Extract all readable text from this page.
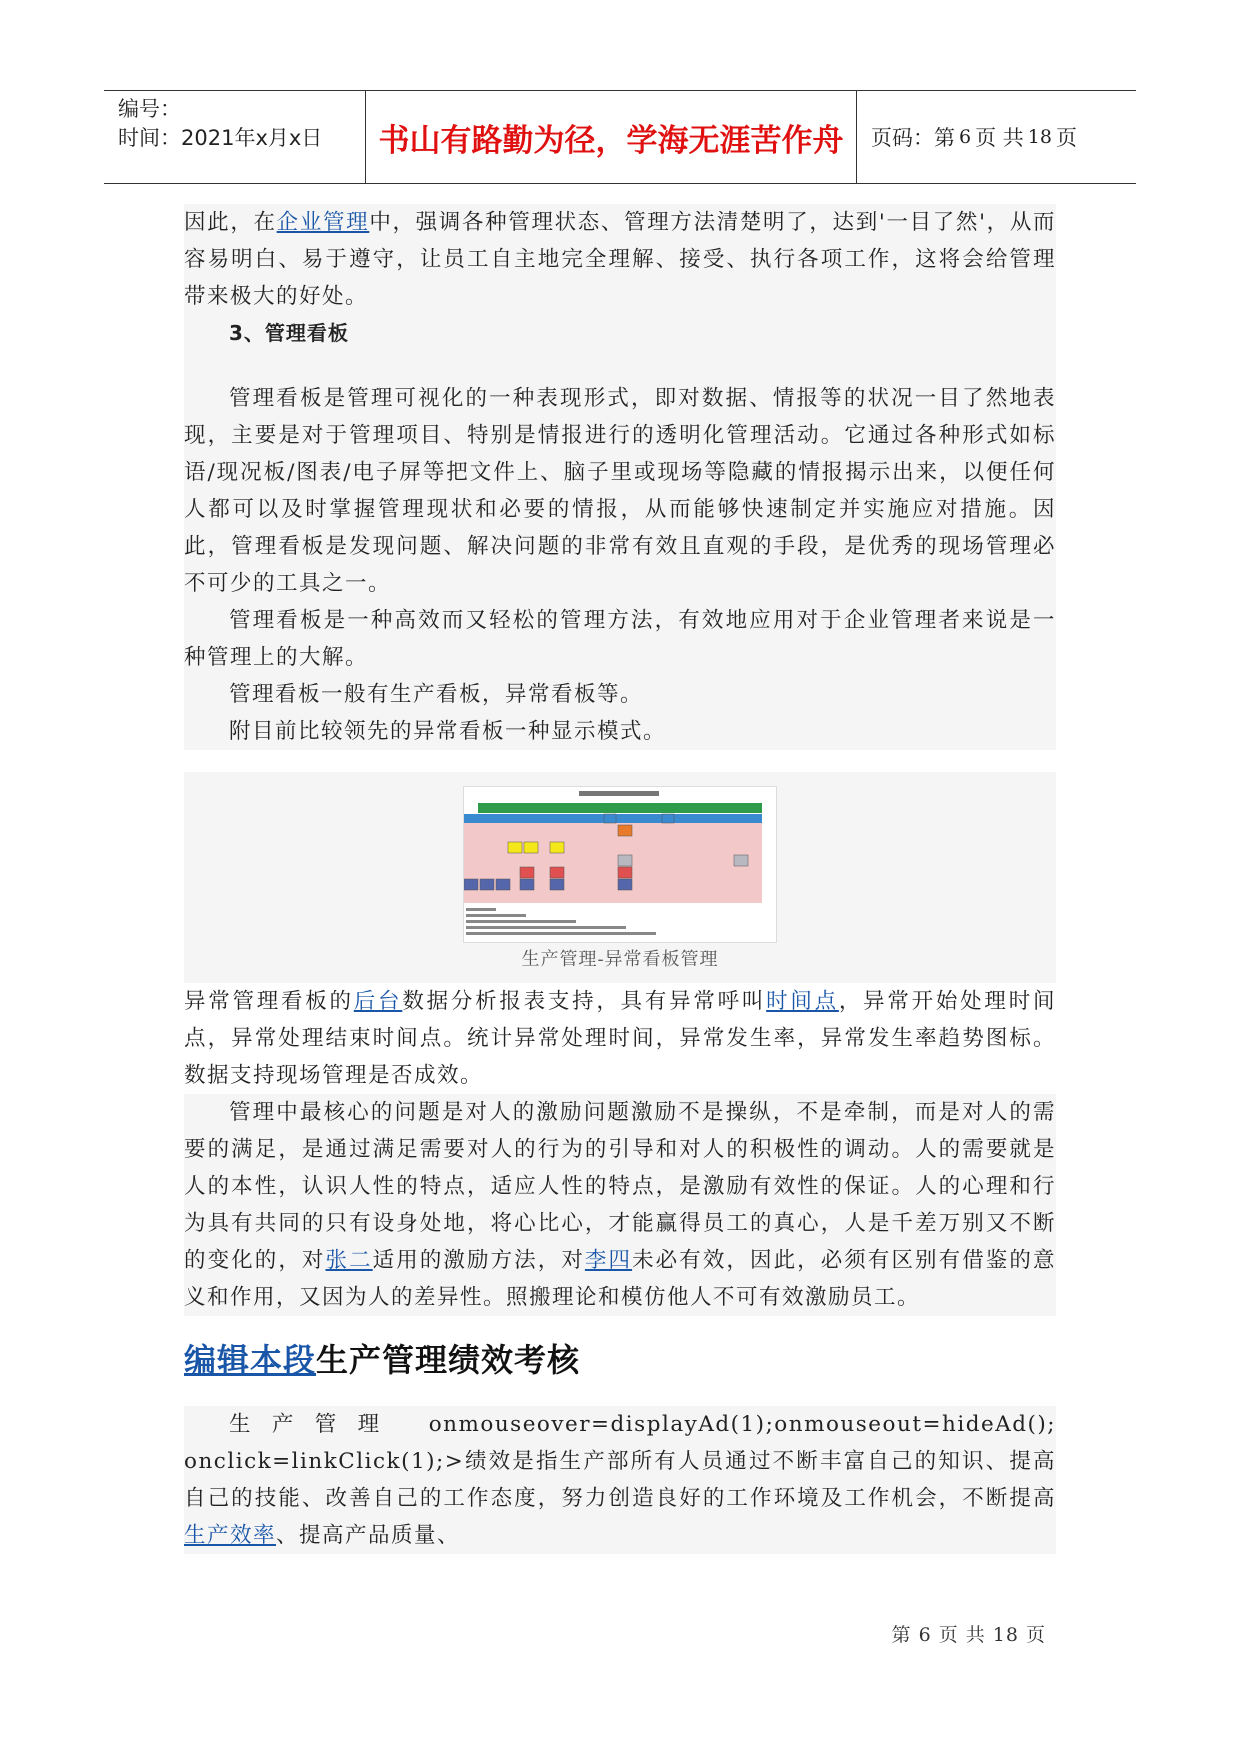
编号：
时间：2021年x月x日	书山有路勤为径，学海无涯苦作舟	页码：第 6 页 共 18 页

因此，在企业管理中，强调各种管理状态、管理方法清楚明了，达到'一目了然'，从而容易明白、易于遵守，让员工自主地完全理解、接受、执行各项工作，这将会给管理带来极大的好处。

3、管理看板

管理看板是管理可视化的一种表现形式，即对数据、情报等的状况一目了然地表现，主要是对于管理项目、特别是情报进行的透明化管理活动。它通过各种形式如标语/现况板/图表/电子屏等把文件上、脑子里或现场等隐藏的情报揭示出来，以便任何人都可以及时掌握管理现状和必要的情报，从而能够快速制定并实施应对措施。因此，管理看板是发现问题、解决问题的非常有效且直观的手段，是优秀的现场管理必不可少的工具之一。

管理看板是一种高效而又轻松的管理方法，有效地应用对于企业管理者来说是一种管理上的大解。

管理看板一般有生产看板，异常看板等。

附目前比较领先的异常看板一种显示模式。

生产管理-异常看板管理

异常管理看板的后台数据分析报表支持，具有异常呼叫时间点，异常开始处理时间点，异常处理结束时间点。统计异常处理时间，异常发生率，异常发生率趋势图标。数据支持现场管理是否成效。

管理中最核心的问题是对人的激励问题激励不是操纵，不是牵制，而是对人的需要的满足，是通过满足需要对人的行为的引导和对人的积极性的调动。人的需要就是人的本性，认识人性的特点，适应人性的特点，是激励有效性的保证。人的心理和行为具有共同的只有设身处地，将心比心，才能赢得员工的真心，人是千差万别又不断的变化的，对张二适用的激励方法，对李四未必有效，因此，必须有区别有借鉴的意义和作用，又因为人的差异性。照搬理论和模仿他人不可有效激励员工。

编辑本段生产管理绩效考核

生产管理 onmouseover=displayAd(1);onmouseout=hideAd(); onclick=linkClick(1);>绩效是指生产部所有人员通过不断丰富自己的知识、提高自己的技能、改善自己的工作态度，努力创造良好的工作环境及工作机会，不断提高生产效率、提高产品质量、

第 6 页 共 18 页
